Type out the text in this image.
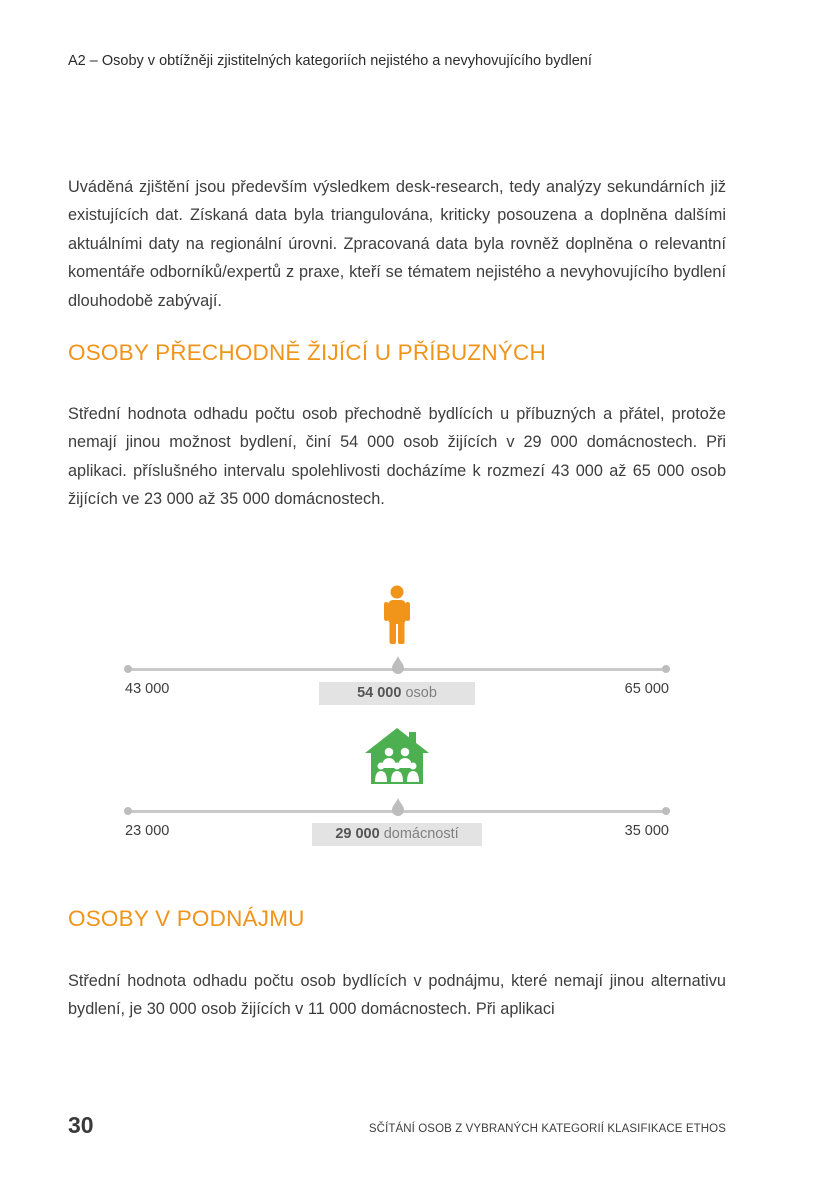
A2 – Osoby v obtížněji zjistitelných kategoriích nejistého a nevyhovujícího bydlení

Uváděná zjištění jsou především výsledkem desk-research, tedy analýzy sekundárních již existujících dat. Získaná data byla triangulována, kriticky posouzena a doplněna dalšími aktuálními daty na regionální úrovni. Zpracovaná data byla rovněž doplněna o relevantní komentáře odborníků/expertů z praxe, kteří se tématem nejistého a nevyhovujícího bydlení dlouhodobě zabývají.

OSOBY PŘECHODNĚ ŽIJÍCÍ U PŘÍBUZNÝCH

Střední hodnota odhadu počtu osob přechodně bydlících u příbuzných a přátel, protože nemají jinou možnost bydlení, činí 54 000 osob žijících v 29 000 domácnostech. Při aplikaci. příslušného intervalu spolehlivosti docházíme k rozmezí 43 000 až 65 000 osob žijících ve 23 000 až 35 000 domácnostech.

43 000	65 000
54 000 osob
23 000	35 000
29 000 domácností
OSOBY V PODNÁJMU

Střední hodnota odhadu počtu osob bydlících v podnájmu, které nemají jinou alternativu bydlení, je 30 000 osob žijících v 11 000 domácnostech. Při aplikaci

30	SČÍTÁNÍ OSOB Z VYBRANÝCH KATEGORIÍ KLASIFIKACE ETHOS
